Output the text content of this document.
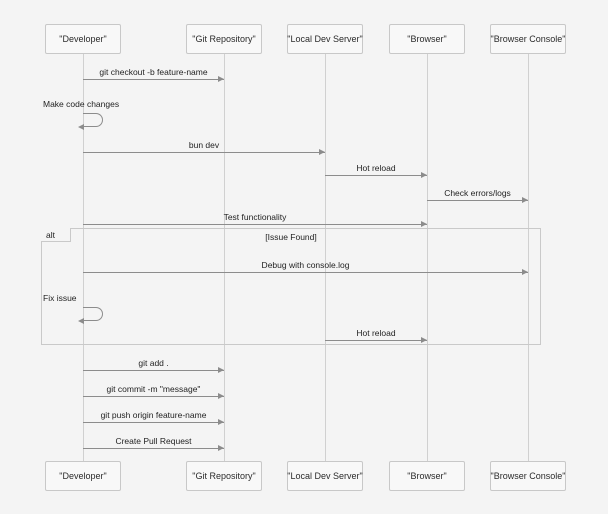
"Developer"
"Developer"
"Git Repository"
"Git Repository"
"Local Dev Server"
"Local Dev Server"
"Browser"
"Browser"
"Browser Console"
"Browser Console"
alt	[Issue Found]
git checkout -b feature-name
Make code changes
bun dev
Hot reload
Check errors/logs
Test functionality
Debug with console.log
Fix issue
Hot reload
git add .
git commit -m "message"
git push origin feature-name
Create Pull Request
